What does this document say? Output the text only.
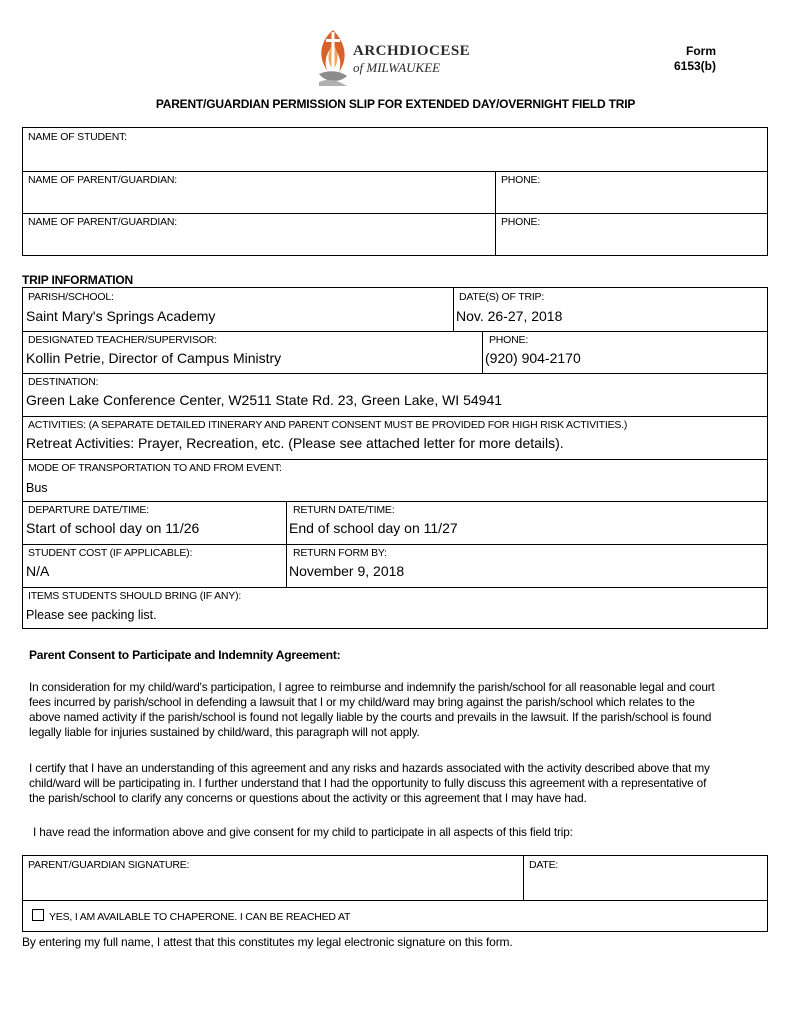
ARCHDIOCESE
of MILWAUKEE
Form
6153(b)
PARENT/GUARDIAN PERMISSION SLIP FOR EXTENDED DAY/OVERNIGHT FIELD TRIP
NAME OF STUDENT:
NAME OF PARENT/GUARDIAN:	PHONE:
NAME OF PARENT/GUARDIAN:	PHONE:
TRIP INFORMATION
PARISH/SCHOOL:
Saint Mary's Springs Academy
DATE(S) OF TRIP:
Nov. 26-27, 2018
DESIGNATED TEACHER/SUPERVISOR:
Kollin Petrie, Director of Campus Ministry
PHONE:
(920) 904-2170
DESTINATION:
Green Lake Conference Center, W2511 State Rd. 23, Green Lake, WI 54941
ACTIVITIES: (A SEPARATE DETAILED ITINERARY AND PARENT CONSENT MUST BE PROVIDED FOR HIGH RISK ACTIVITIES.)
Retreat Activities: Prayer, Recreation, etc. (Please see attached letter for more details).
MODE OF TRANSPORTATION TO AND FROM EVENT:
Bus
DEPARTURE DATE/TIME:
Start of school day on 11/26
RETURN DATE/TIME:
End of school day on 11/27
STUDENT COST (IF APPLICABLE):
N/A
RETURN FORM BY:
November 9, 2018
ITEMS STUDENTS SHOULD BRING (IF ANY):
Please see packing list.
Parent Consent to Participate and Indemnity Agreement:
In consideration for my child/ward's participation, I agree to reimburse and indemnify the parish/school for all reasonable legal and court fees incurred by parish/school in defending a lawsuit that I or my child/ward may bring against the parish/school which relates to the above named activity if the parish/school is found not legally liable by the courts and prevails in the lawsuit. If the parish/school is found legally liable for injuries sustained by child/ward, this paragraph will not apply.
I certify that I have an understanding of this agreement and any risks and hazards associated with the activity described above that my child/ward will be participating in. I further understand that I had the opportunity to fully discuss this agreement with a representative of the parish/school to clarify any concerns or questions about the activity or this agreement that I may have had.
I have read the information above and give consent for my child to participate in all aspects of this field trip:
PARENT/GUARDIAN SIGNATURE:	DATE:
YES, I AM AVAILABLE TO CHAPERONE. I CAN BE REACHED AT
By entering my full name, I attest that this constitutes my legal electronic signature on this form.
